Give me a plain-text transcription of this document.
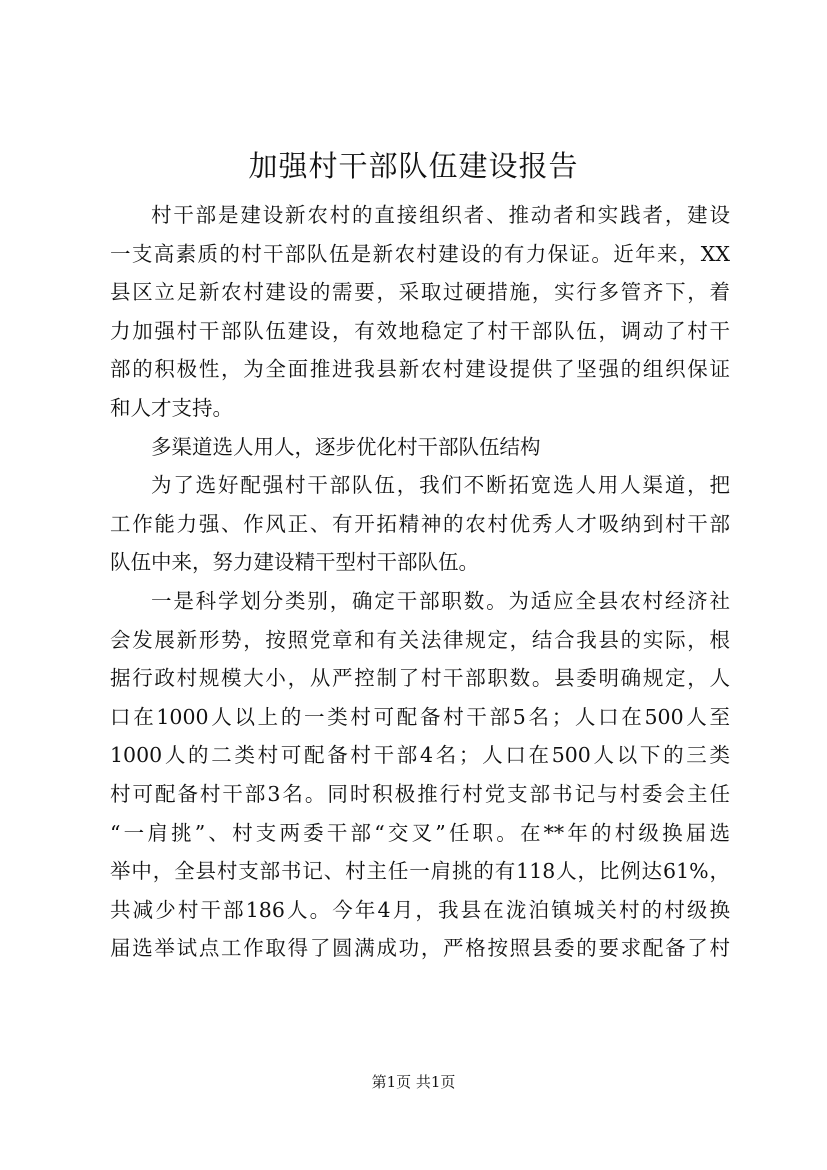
加强村干部队伍建设报告
村干部是建设新农村的直接组织者、推动者和实践者，建设
一支高素质的村干部队伍是新农村建设的有力保证。近年来，XX
县区立足新农村建设的需要，采取过硬措施，实行多管齐下，着
力加强村干部队伍建设，有效地稳定了村干部队伍，调动了村干
部的积极性，为全面推进我县新农村建设提供了坚强的组织保证
和人才支持。
多渠道选人用人，逐步优化村干部队伍结构
为了选好配强村干部队伍，我们不断拓宽选人用人渠道，把
工作能力强、作风正、有开拓精神的农村优秀人才吸纳到村干部
队伍中来，努力建设精干型村干部队伍。
一是科学划分类别，确定干部职数。为适应全县农村经济社
会发展新形势，按照党章和有关法律规定，结合我县的实际，根
据行政村规模大小，从严控制了村干部职数。县委明确规定，人
口在1000人以上的一类村可配备村干部5名；人口在500人至
1000人的二类村可配备村干部4名；人口在500人以下的三类
村可配备村干部3名。同时积极推行村党支部书记与村委会主任
“一肩挑”、村支两委干部“交叉”任职。在**年的村级换届选
举中，全县村支部书记、村主任一肩挑的有118人，比例达61%，
共减少村干部186人。今年4月，我县在泷泊镇城关村的村级换
届选举试点工作取得了圆满成功，严格按照县委的要求配备了村
第1页 共1页
